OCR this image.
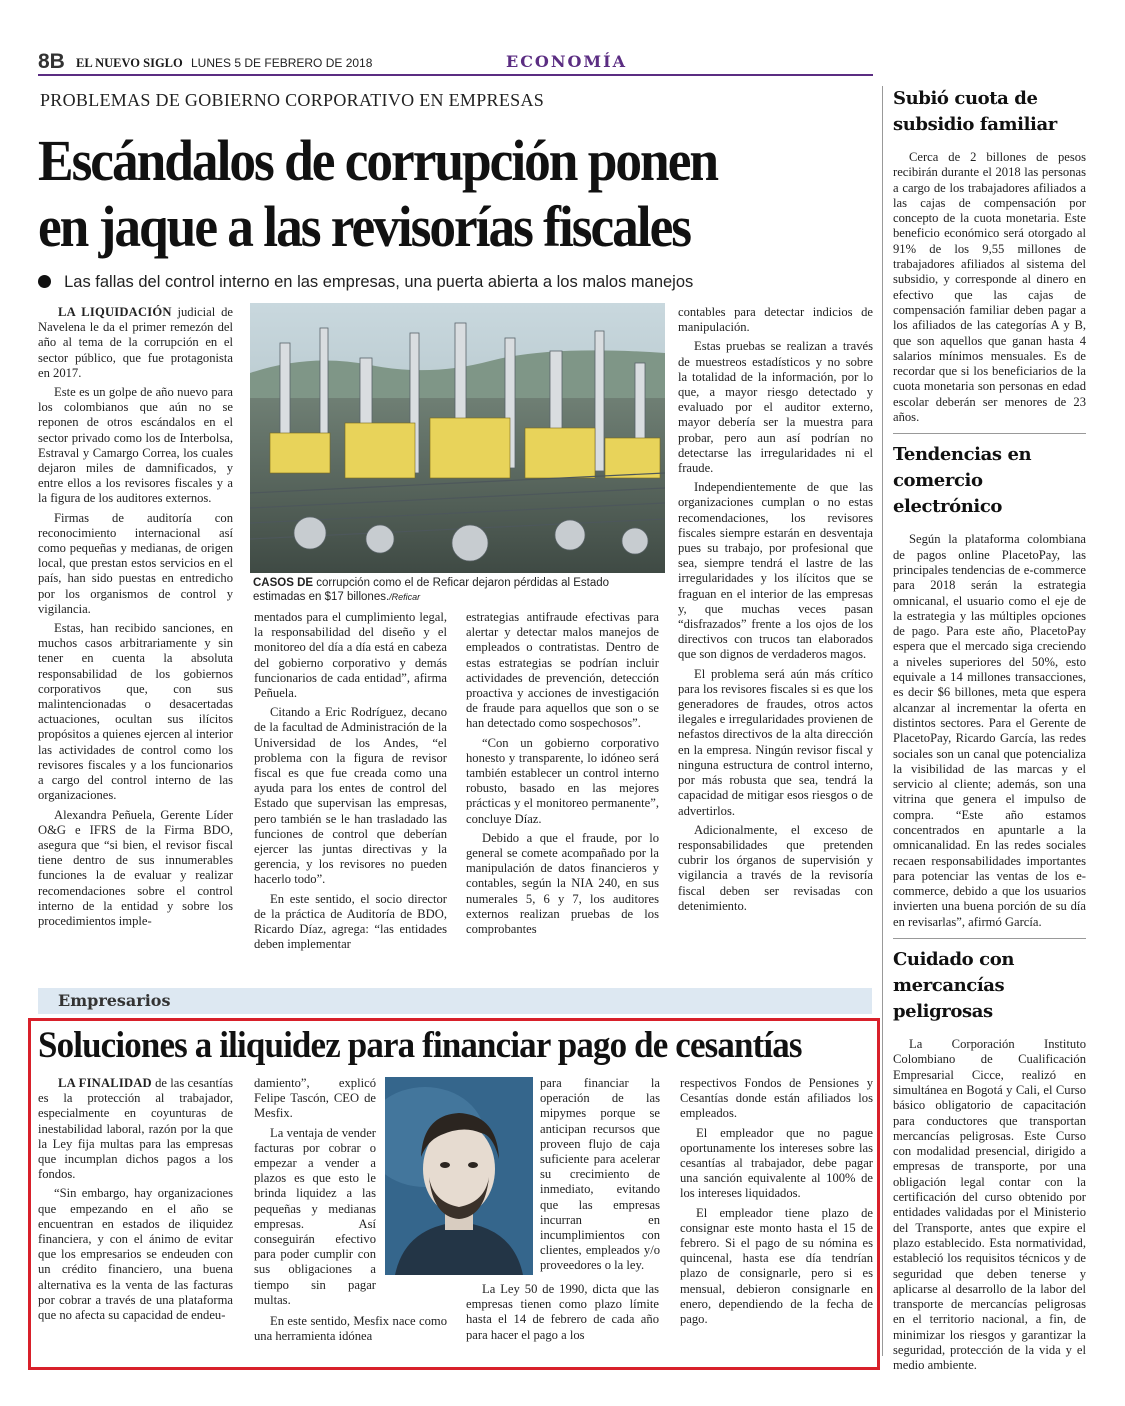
8B EL NUEVO SIGLO LUNES 5 DE FEBRERO DE 2018	ECONOMÍA
PROBLEMAS DE GOBIERNO CORPORATIVO EN EMPRESAS
Escándalos de corrupción ponen
en jaque a las revisorías fiscales
Las fallas del control interno en las empresas, una puerta abierta a los malos manejos

LA LIQUIDACIÓN judicial de Navelena le da el primer remezón del año al tema de la corrupción en el sector público, que fue protagonista en 2017.

Este es un golpe de año nuevo para los colombianos que aún no se reponen de otros escándalos en el sector privado como los de Interbolsa, Estraval y Camargo Correa, los cuales dejaron miles de damnificados, y entre ellos a los revisores fiscales y a la figura de los auditores externos.

Firmas de auditoría con reconocimiento internacional así como pequeñas y medianas, de origen local, que prestan estos servicios en el país, han sido puestas en entredicho por los organismos de control y vigilancia.

Estas, han recibido sanciones, en muchos casos arbitrariamente y sin tener en cuenta la absoluta responsabilidad de los gobiernos corporativos que, con sus malintencionadas o desacertadas actuaciones, ocultan sus ilícitos propósitos a quienes ejercen al interior las actividades de control como los revisores fiscales y a los funcionarios a cargo del control interno de las organizaciones.

Alexandra Peñuela, Gerente Líder O&G e IFRS de la Firma BDO, asegura que “si bien, el revisor fiscal tiene dentro de sus innumerables funciones la de evaluar y realizar recomendaciones sobre el control interno de la entidad y sobre los procedimientos imple-

CASOS DE corrupción como el de Reficar dejaron pérdidas al Estado estimadas en $17 billones./Reficar

mentados para el cumplimiento legal, la responsabilidad del diseño y el monitoreo del día a día está en cabeza del gobierno corporativo y demás funcionarios de cada entidad”, afirma Peñuela.

Citando a Eric Rodríguez, decano de la facultad de Administración de la Universidad de los Andes, “el problema con la figura de revisor fiscal es que fue creada como una ayuda para los entes de control del Estado que supervisan las empresas, pero también se le han trasladado las funciones de control que deberían ejercer las juntas directivas y la gerencia, y los revisores no pueden hacerlo todo”.

En este sentido, el socio director de la práctica de Auditoría de BDO, Ricardo Díaz, agrega: “las entidades deben implementar

estrategias antifraude efectivas para alertar y detectar malos manejos de empleados o contratistas. Dentro de estas estrategias se podrían incluir actividades de prevención, detección proactiva y acciones de investigación de fraude para aquellos que son o se han detectado como sospechosos”.

“Con un gobierno corporativo honesto y transparente, lo idóneo será también establecer un control interno robusto, basado en las mejores prácticas y el monitoreo permanente”, concluye Díaz.

Debido a que el fraude, por lo general se comete acompañado por la manipulación de datos financieros y contables, según la NIA 240, en sus numerales 5, 6 y 7, los auditores externos realizan pruebas de los comprobantes

contables para detectar indicios de manipulación.

Estas pruebas se realizan a través de muestreos estadísticos y no sobre la totalidad de la información, por lo que, a mayor riesgo detectado y evaluado por el auditor externo, mayor debería ser la muestra para probar, pero aun así podrían no detectarse las irregularidades ni el fraude.

Independientemente de que las organizaciones cumplan o no estas recomendaciones, los revisores fiscales siempre estarán en desventaja pues su trabajo, por profesional que sea, siempre tendrá el lastre de las irregularidades y los ilícitos que se fraguan en el interior de las empresas y, que muchas veces pasan “disfrazados” frente a los ojos de los directivos con trucos tan elaborados que son dignos de verdaderos magos.

El problema será aún más crítico para los revisores fiscales si es que los generadores de fraudes, otros actos ilegales e irregularidades provienen de nefastos directivos de la alta dirección en la empresa. Ningún revisor fiscal y ninguna estructura de control interno, por más robusta que sea, tendrá la capacidad de mitigar esos riesgos o de advertirlos.

Adicionalmente, el exceso de responsabilidades que pretenden cubrir los órganos de supervisión y vigilancia a través de la revisoría fiscal deben ser revisadas con detenimiento.

Subió cuota de
subsidio familiar

Cerca de 2 billones de pesos recibirán durante el 2018 las personas a cargo de los trabajadores afiliados a las cajas de compensación por concepto de la cuota monetaria. Este beneficio económico será otorgado al 91% de los 9,55 millones de trabajadores afiliados al sistema del subsidio, y corresponde al dinero en efectivo que las cajas de compensación familiar deben pagar a los afiliados de las categorías A y B, que son aquellos que ganan hasta 4 salarios mínimos mensuales. Es de recordar que si los beneficiarios de la cuota monetaria son personas en edad escolar deberán ser menores de 23 años.

Tendencias en
comercio electrónico

Según la plataforma colombiana de pagos online PlacetoPay, las principales tendencias de e-commerce para 2018 serán la estrategia omnicanal, el usuario como el eje de la estrategia y las múltiples opciones de pago. Para este año, PlacetoPay espera que el mercado siga creciendo a niveles superiores del 50%, esto equivale a 14 millones transacciones, es decir $6 billones, meta que espera alcanzar al incrementar la oferta en distintos sectores. Para el Gerente de PlacetoPay, Ricardo García, las redes sociales son un canal que potencializa la visibilidad de las marcas y el servicio al cliente; además, son una vitrina que genera el impulso de compra. “Este año estamos concentrados en apuntarle a la omnicanalidad. En las redes sociales recaen responsabilidades importantes para potenciar las ventas de los e-commerce, debido a que los usuarios invierten una buena porción de su día en revisarlas”, afirmó García.

Cuidado con
mercancías peligrosas

La Corporación Instituto Colombiano de Cualificación Empresarial Cicce, realizó en simultánea en Bogotá y Cali, el Curso básico obligatorio de capacitación para conductores que transportan mercancías peligrosas. Este Curso con modalidad presencial, dirigido a empresas de transporte, por una obligación legal contar con la certificación del curso obtenido por entidades validadas por el Ministerio del Transporte, antes que expire el plazo establecido. Esta normatividad, estableció los requisitos técnicos y de seguridad que deben tenerse y aplicarse al desarrollo de la labor del transporte de mercancías peligrosas en el territorio nacional, a fin, de minimizar los riesgos y garantizar la seguridad, protección de la vida y el medio ambiente.

Empresarios
Soluciones a iliquidez para financiar pago de cesantías

LA FINALIDAD de las cesantías es la protección al trabajador, especialmente en coyunturas de inestabilidad laboral, razón por la que la Ley fija multas para las empresas que incumplan dichos pagos a los fondos.

“Sin embargo, hay organizaciones que empezando en el año se encuentran en estados de iliquidez financiera, y con el ánimo de evitar que los empresarios se endeuden con un crédito financiero, una buena alternativa es la venta de las facturas por cobrar a través de una plataforma que no afecta su capacidad de endeu-

damiento”, explicó Felipe Tascón, CEO de Mesfix.

La ventaja de vender facturas por cobrar o empezar a vender a plazos es que esto le brinda liquidez a las pequeñas y medianas empresas. Así conseguirán efectivo para poder cumplir con sus obligaciones a tiempo sin pagar multas.

para financiar la operación de las mipymes porque se anticipan recursos que proveen flujo de caja suficiente para acelerar su crecimiento de inmediato, evitando que las empresas incurran en incumplimientos con clientes, empleados y/o proveedores o la ley.

En este sentido, Mesfix nace como una herramienta idónea

La Ley 50 de 1990, dicta que las empresas tienen como plazo límite hasta el 14 de febrero de cada año para hacer el pago a los

respectivos Fondos de Pensiones y Cesantías donde están afiliados los empleados.

El empleador que no pague oportunamente los intereses sobre las cesantías al trabajador, debe pagar una sanción equivalente al 100% de los intereses liquidados.

El empleador tiene plazo de consignar este monto hasta el 15 de febrero. Si el pago de su nómina es quincenal, hasta ese día tendrían plazo de consignarle, pero si es mensual, debieron consignarle en enero, dependiendo de la fecha de pago.
